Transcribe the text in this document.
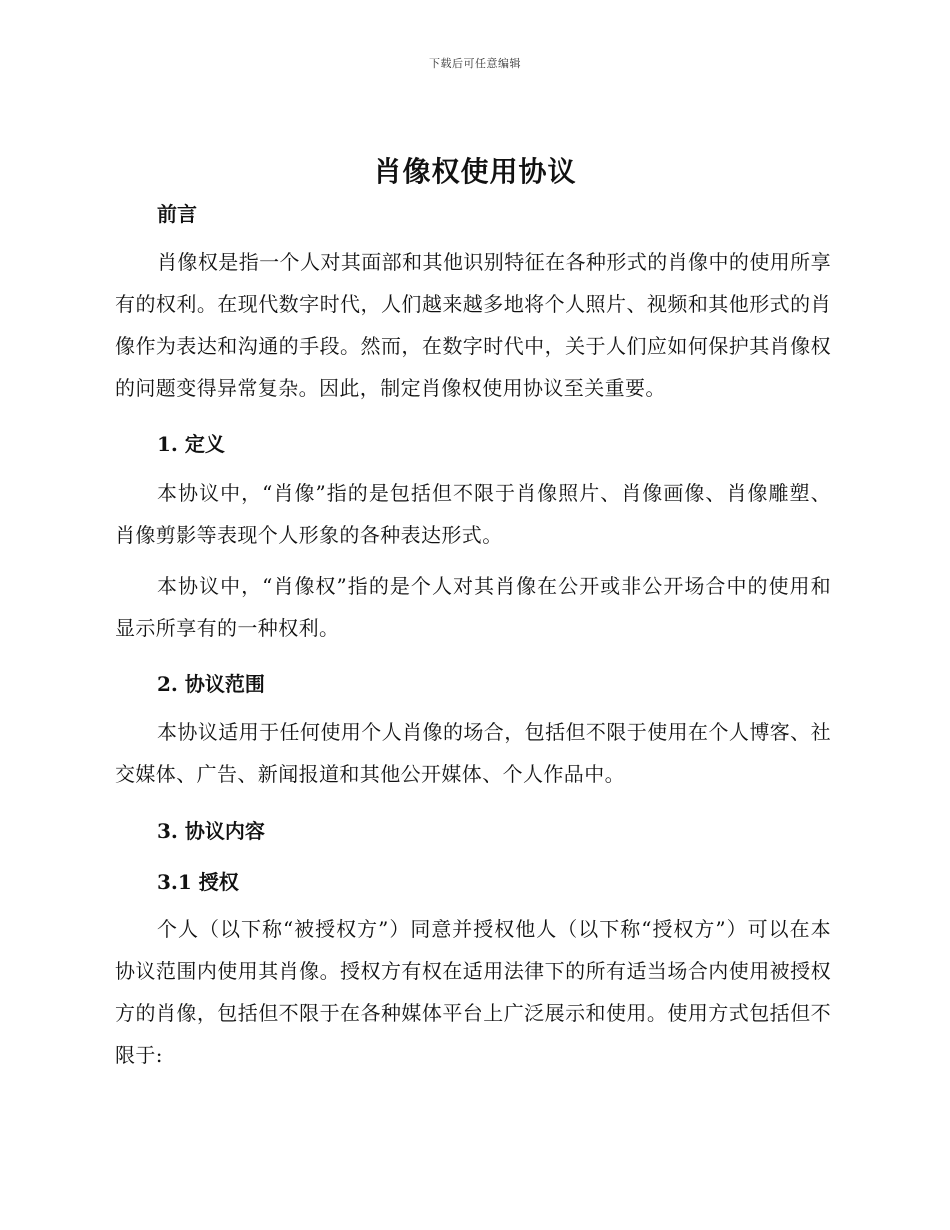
下载后可任意编辑
肖像权使用协议
前言

肖像权是指一个人对其面部和其他识别特征在各种形式的肖像中的使用所享有的权利。在现代数字时代，人们越来越多地将个人照片、视频和其他形式的肖像作为表达和沟通的手段。然而，在数字时代中，关于人们应如何保护其肖像权的问题变得异常复杂。因此，制定肖像权使用协议至关重要。

1. 定义

本协议中，“肖像”指的是包括但不限于肖像照片、肖像画像、肖像雕塑、肖像剪影等表现个人形象的各种表达形式。

本协议中，“肖像权”指的是个人对其肖像在公开或非公开场合中的使用和显示所享有的一种权利。

2. 协议范围

本协议适用于任何使用个人肖像的场合，包括但不限于使用在个人博客、社交媒体、广告、新闻报道和其他公开媒体、个人作品中。

3. 协议内容
3.1 授权

个人（以下称“被授权方”）同意并授权他人（以下称“授权方”）可以在本协议范围内使用其肖像。授权方有权在适用法律下的所有适当场合内使用被授权方的肖像，包括但不限于在各种媒体平台上广泛展示和使用。使用方式包括但不限于:
